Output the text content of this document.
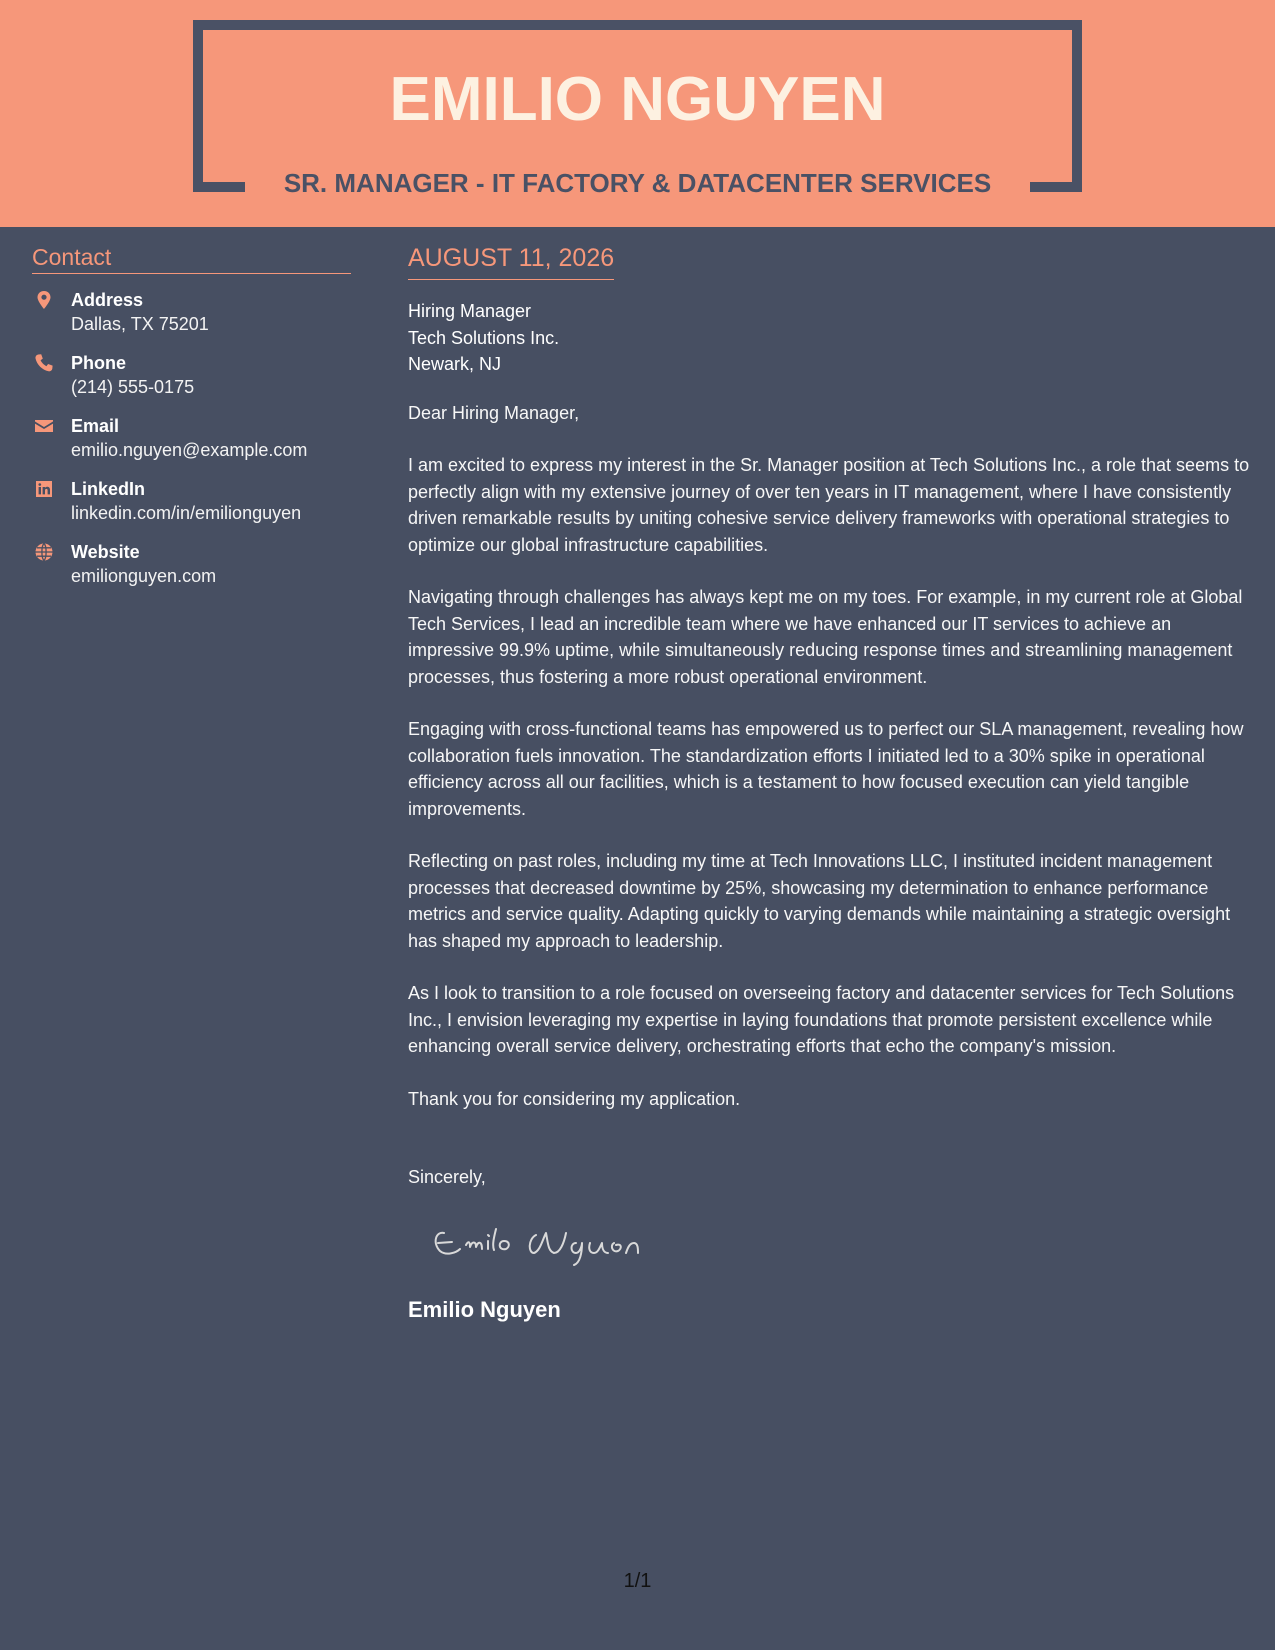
EMILIO NGUYEN
SR. MANAGER - IT FACTORY & DATACENTER SERVICES
Contact
Address
Dallas, TX 75201
Phone
(214) 555-0175
Email
emilio.nguyen@example.com
LinkedIn
linkedin.com/in/emilionguyen
Website
emilionguyen.com
AUGUST 11, 2026
Hiring Manager
Tech Solutions Inc.
Newark, NJ

Dear Hiring Manager,

I am excited to express my interest in the Sr. Manager position at Tech Solutions Inc., a role that seems to perfectly align with my extensive journey of over ten years in IT management, where I have consistently driven remarkable results by uniting cohesive service delivery frameworks with operational strategies to optimize our global infrastructure capabilities.

Navigating through challenges has always kept me on my toes. For example, in my current role at Global Tech Services, I lead an incredible team where we have enhanced our IT services to achieve an impressive 99.9% uptime, while simultaneously reducing response times and streamlining management processes, thus fostering a more robust operational environment.

Engaging with cross-functional teams has empowered us to perfect our SLA management, revealing how collaboration fuels innovation. The standardization efforts I initiated led to a 30% spike in operational efficiency across all our facilities, which is a testament to how focused execution can yield tangible improvements.

Reflecting on past roles, including my time at Tech Innovations LLC, I instituted incident management processes that decreased downtime by 25%, showcasing my determination to enhance performance metrics and service quality. Adapting quickly to varying demands while maintaining a strategic oversight has shaped my approach to leadership.

As I look to transition to a role focused on overseeing factory and datacenter services for Tech Solutions Inc., I envision leveraging my expertise in laying foundations that promote persistent excellence while enhancing overall service delivery, orchestrating efforts that echo the company's mission.

Thank you for considering my application.

Sincerely,

Emilio Nguyen
1/1
